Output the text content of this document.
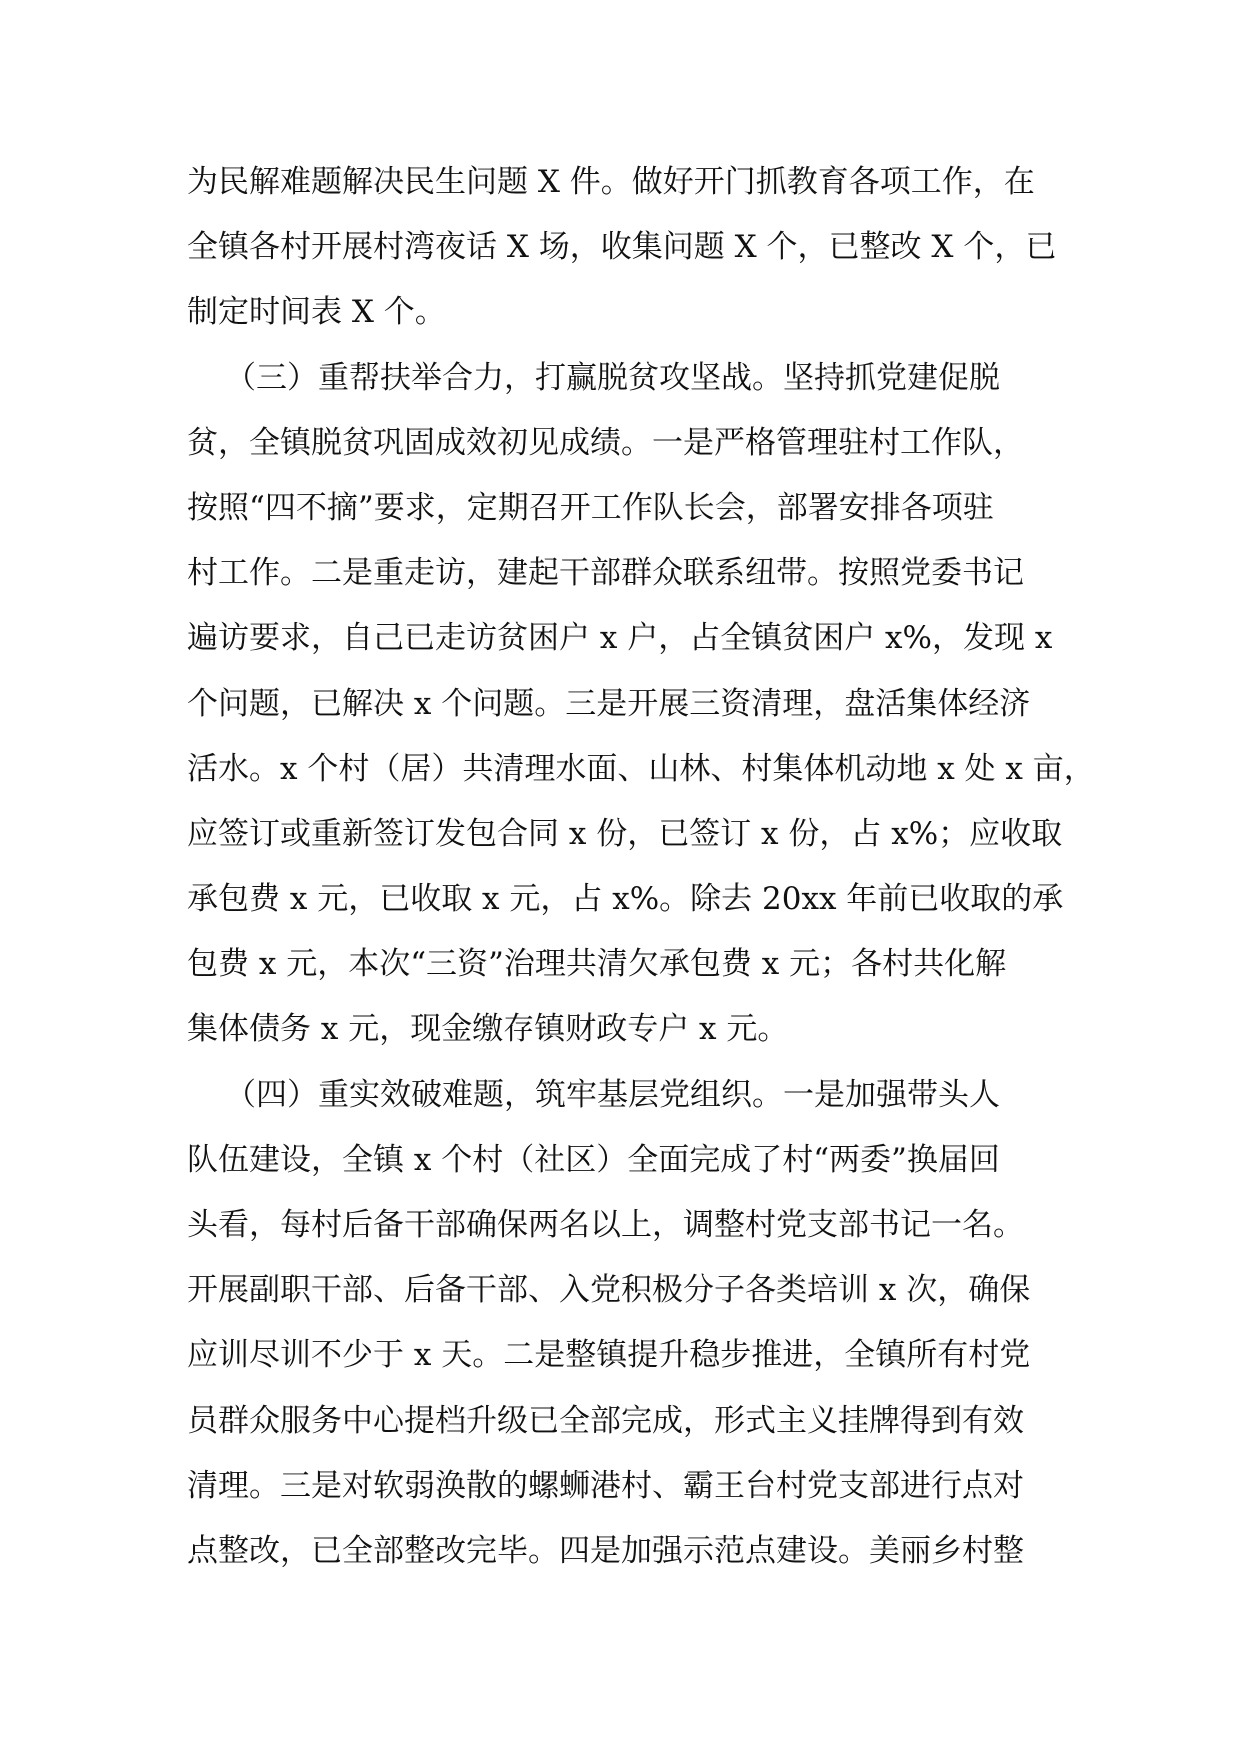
为民解难题解决民生问题 X 件。做好开门抓教育各项工作，在
全镇各村开展村湾夜话 X 场，收集问题 X 个，已整改 X 个，已
制定时间表 X 个。
（三）重帮扶举合力，打赢脱贫攻坚战。坚持抓党建促脱
贫，全镇脱贫巩固成效初见成绩。一是严格管理驻村工作队，
按照“四不摘”要求，定期召开工作队长会，部署安排各项驻
村工作。二是重走访，建起干部群众联系纽带。按照党委书记
遍访要求，自己已走访贫困户 x 户，占全镇贫困户 x%，发现 x
个问题，已解决 x 个问题。三是开展三资清理，盘活集体经济
活水。x 个村（居）共清理水面、山林、村集体机动地 x 处 x 亩，
应签订或重新签订发包合同 x 份，已签订 x 份，占 x%；应收取
承包费 x 元，已收取 x 元，占 x%。除去 20xx 年前已收取的承
包费 x 元，本次“三资”治理共清欠承包费 x 元；各村共化解
集体债务 x 元，现金缴存镇财政专户 x 元。
（四）重实效破难题，筑牢基层党组织。一是加强带头人
队伍建设，全镇 x 个村（社区）全面完成了村“两委”换届回
头看，每村后备干部确保两名以上，调整村党支部书记一名。
开展副职干部、后备干部、入党积极分子各类培训 x 次，确保
应训尽训不少于 x 天。二是整镇提升稳步推进，全镇所有村党
员群众服务中心提档升级已全部完成，形式主义挂牌得到有效
清理。三是对软弱涣散的螺蛳港村、霸王台村党支部进行点对
点整改，已全部整改完毕。四是加强示范点建设。美丽乡村整
